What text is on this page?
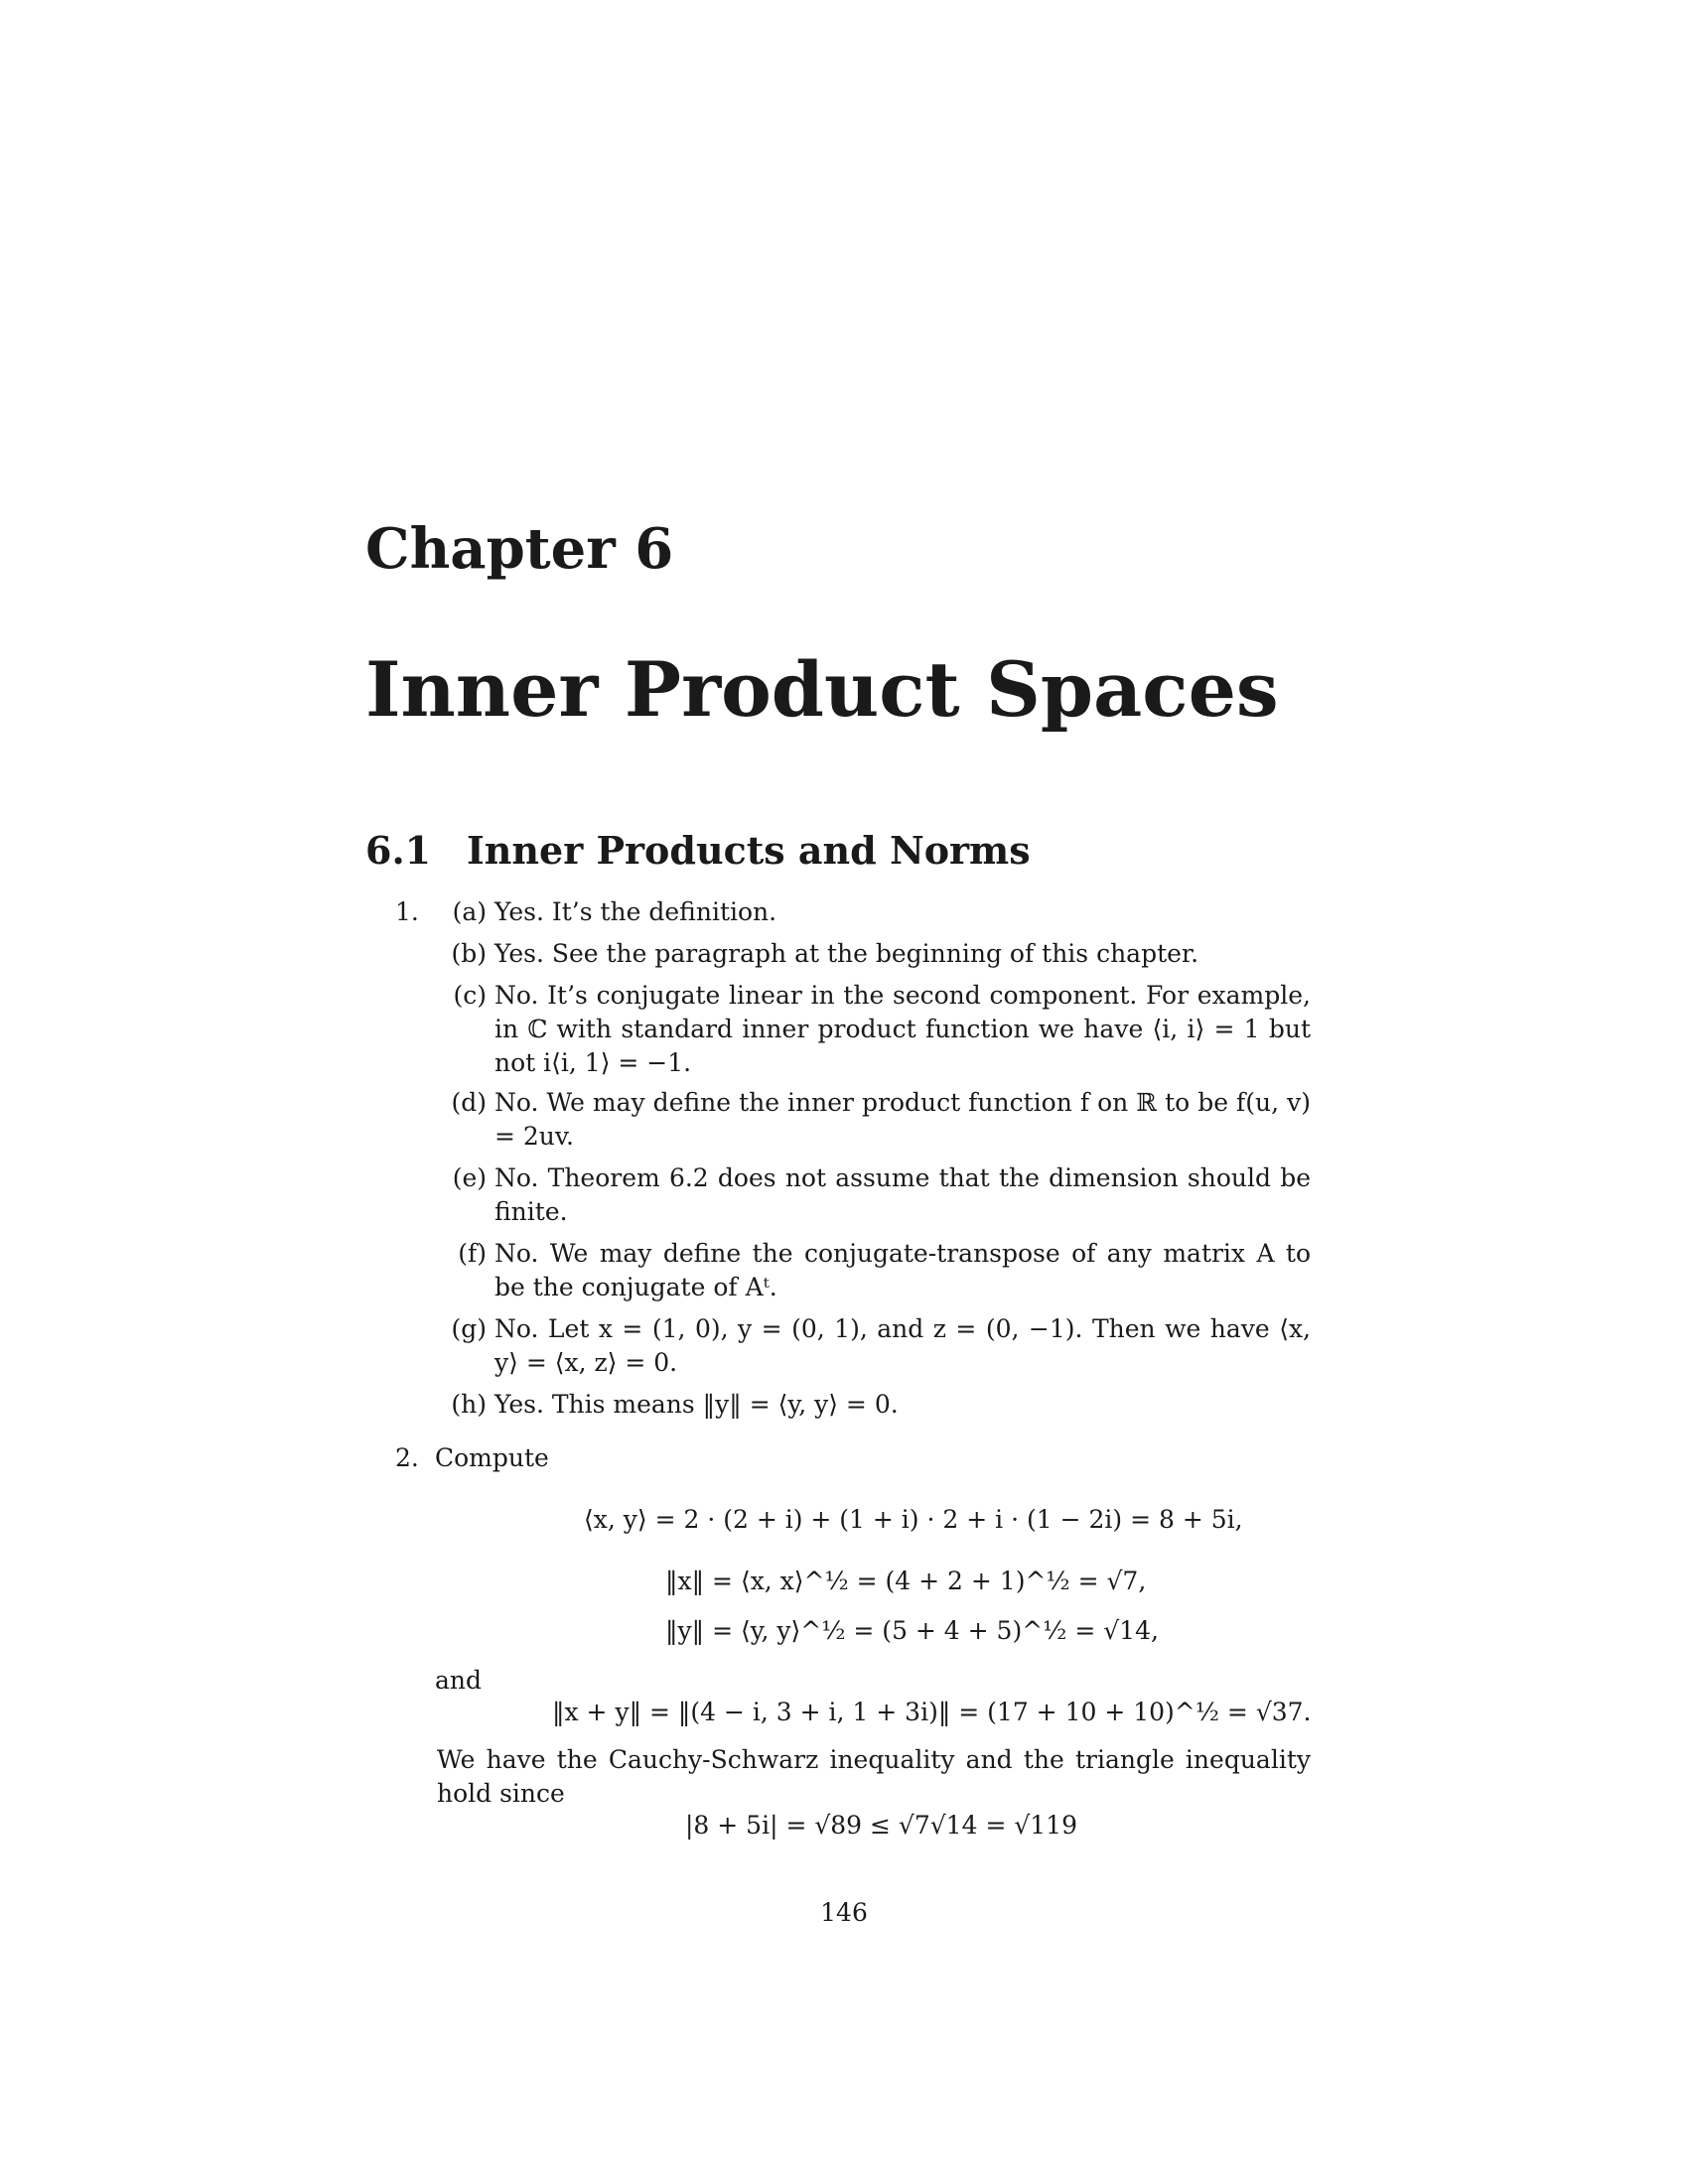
Chapter 6
Inner Product Spaces
6.1 Inner Products and Norms
1.	(a) Yes. It’s the definition.
(b) Yes. See the paragraph at the beginning of this chapter.
(c) No. It’s conjugate linear in the second component. For example, in ℂ with standard inner product function we have ⟨i, i⟩ = 1 but not i⟨i, 1⟩ = −1.
(d) No. We may define the inner product function f on ℝ to be f(u, v) = 2uv.
(e) No. Theorem 6.2 does not assume that the dimension should be finite.
(f) No. We may define the conjugate-transpose of any matrix A to be the conjugate of Aᵗ.
(g) No. Let x = (1, 0), y = (0, 1), and z = (0, −1). Then we have ⟨x, y⟩ = ⟨x, z⟩ = 0.
(h) Yes. This means ‖y‖ = ⟨y, y⟩ = 0.
2. Compute
⟨x, y⟩ = 2 · (2 + i) + (1 + i) · 2 + i · (1 − 2i) = 8 + 5i,
‖x‖ = ⟨x, x⟩^½ = (4 + 2 + 1)^½ = √7,
‖y‖ = ⟨y, y⟩^½ = (5 + 4 + 5)^½ = √14,
and
‖x + y‖ = ‖(4 − i, 3 + i, 1 + 3i)‖ = (17 + 10 + 10)^½ = √37.
We have the Cauchy-Schwarz inequality and the triangle inequality hold since
|8 + 5i| = √89 ≤ √7√14 = √119
146
